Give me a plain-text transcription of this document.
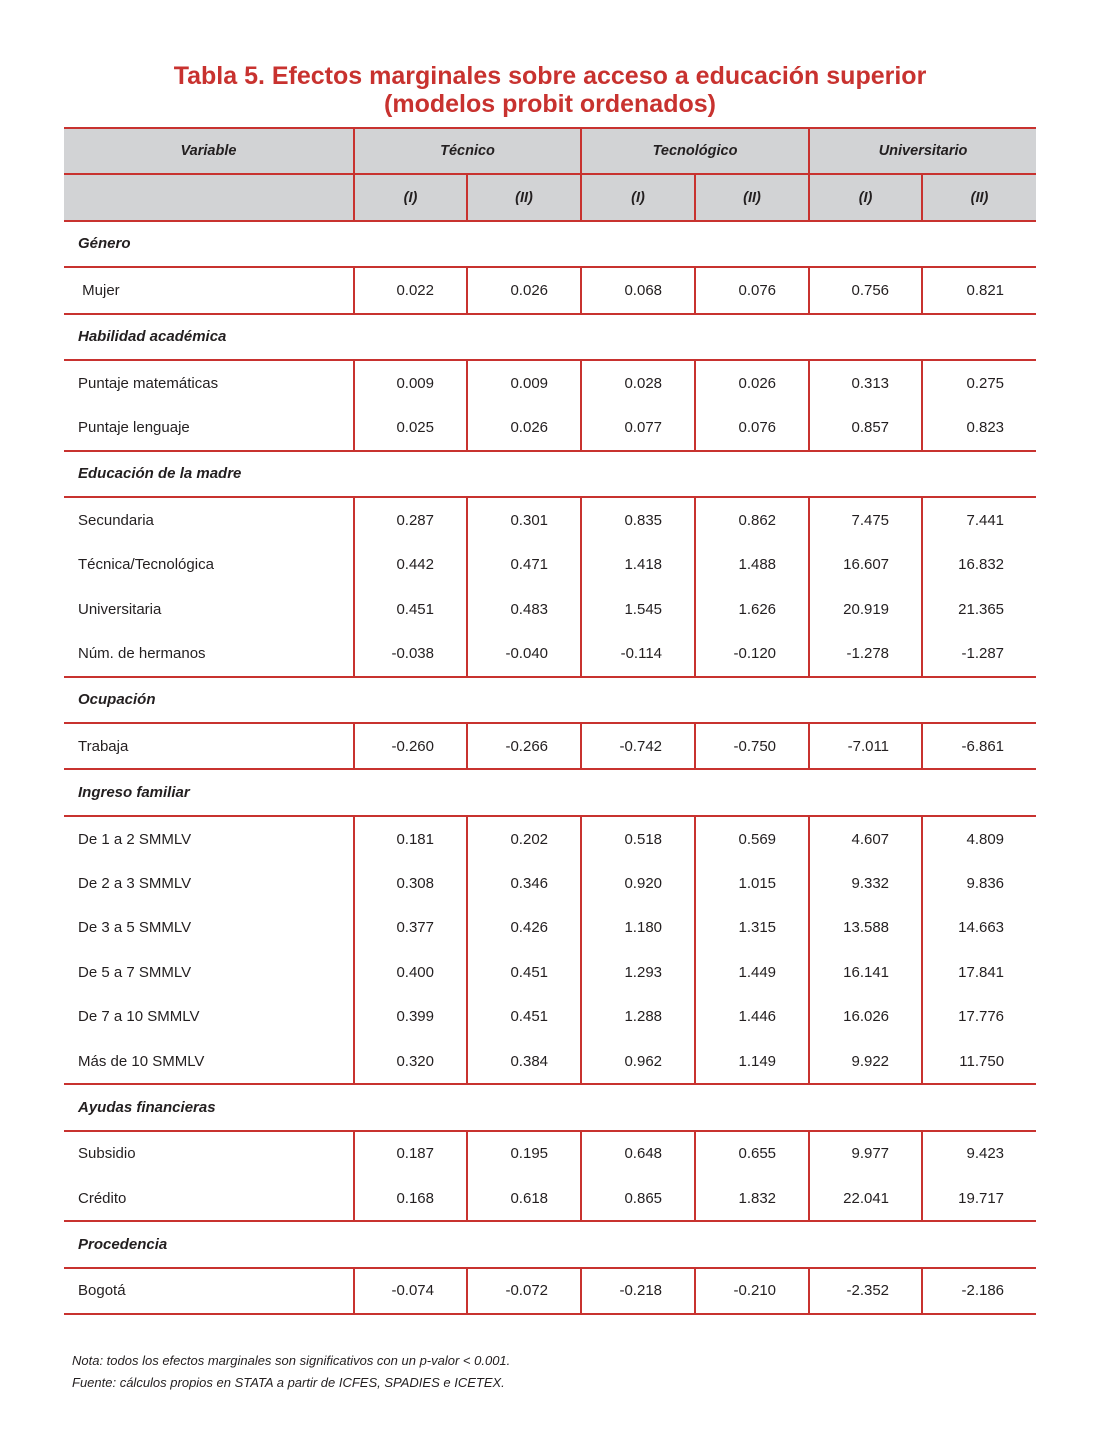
Tabla 5. Efectos marginales sobre acceso a educación superior
(modelos probit ordenados)
Variable	Técnico		Tecnológico		Universitario	
	(I)	(II)	(I)	(II)	(I)	(II)
Género						
Mujer	0.022	0.026	0.068	0.076	0.756	0.821
Habilidad académica						
Puntaje matemáticas	0.009	0.009	0.028	0.026	0.313	0.275
Puntaje lenguaje	0.025	0.026	0.077	0.076	0.857	0.823
Educación de la madre						
Secundaria	0.287	0.301	0.835	0.862	7.475	7.441
Técnica/Tecnológica	0.442	0.471	1.418	1.488	16.607	16.832
Universitaria	0.451	0.483	1.545	1.626	20.919	21.365
Núm. de hermanos	-0.038	-0.040	-0.114	-0.120	-1.278	-1.287
Ocupación						
Trabaja	-0.260	-0.266	-0.742	-0.750	-7.011	-6.861
Ingreso familiar						
De 1 a 2 SMMLV	0.181	0.202	0.518	0.569	4.607	4.809
De 2 a 3 SMMLV	0.308	0.346	0.920	1.015	9.332	9.836
De 3 a 5 SMMLV	0.377	0.426	1.180	1.315	13.588	14.663
De 5 a 7 SMMLV	0.400	0.451	1.293	1.449	16.141	17.841
De 7 a 10 SMMLV	0.399	0.451	1.288	1.446	16.026	17.776
Más de 10 SMMLV	0.320	0.384	0.962	1.149	9.922	11.750
Ayudas financieras						
Subsidio	0.187	0.195	0.648	0.655	9.977	9.423
Crédito	0.168	0.618	0.865	1.832	22.041	19.717
Procedencia						
Bogotá	-0.074	-0.072	-0.218	-0.210	-2.352	-2.186
Nota: todos los efectos marginales son significativos con un p-valor < 0.001.
Fuente: cálculos propios en STATA a partir de ICFES, SPADIES e ICETEX.
